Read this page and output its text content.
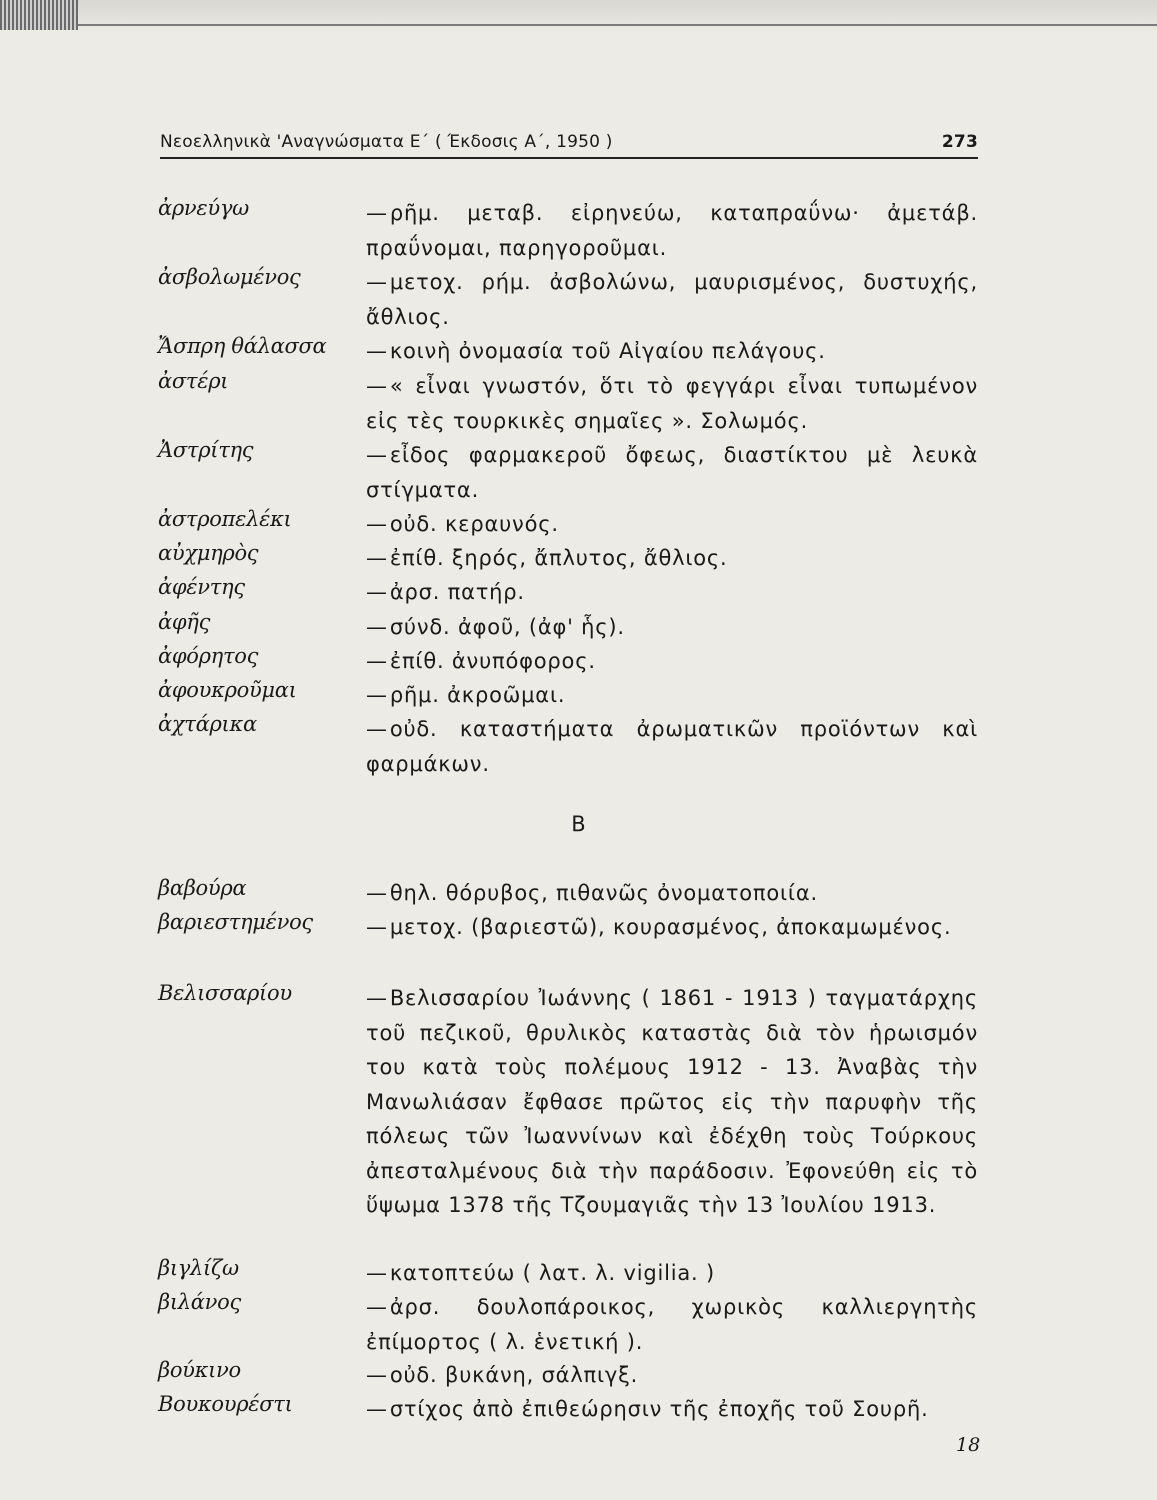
Νεοελληνικὰ 'Αναγνώσματα Ε΄ ( Έκδοσις Α΄, 1950 )	273
ἀρνεύγω	—ρῆμ. μεταβ. εἰρηνεύω, καταπραΰνω· ἀμετάβ. πραΰνομαι, παρηγοροῦμαι.
ἀσβολωμένος	—μετοχ. ρήμ. ἀσβολώνω, μαυρισμένος, δυστυχής, ἄθλιος.
Ἄσπρη θάλασσα	—κοινὴ ὀνομασία τοῦ Αἰγαίου πελάγους.
ἀστέρι	—« εἶναι γνωστόν, ὅτι τὸ φεγγάρι εἶναι τυπωμένον εἰς τὲς τουρκικὲς σημαῖες ». Σολωμός.
Ἀστρίτης	—εἶδος φαρμακεροῦ ὄφεως, διαστίκτου μὲ λευκὰ στίγματα.
ἀστροπελέκι	—οὐδ. κεραυνός.
αὐχμηρὸς	—ἐπίθ. ξηρός, ἄπλυτος, ἄθλιος.
ἀφέντης	—ἀρσ. πατήρ.
ἀφῆς	—σύνδ. ἀφοῦ, (ἀφ' ἧς).
ἀφόρητος	—ἐπίθ. ἀνυπόφορος.
ἀφουκροῦμαι	—ρῆμ. ἀκροῶμαι.
ἀχτάρικα	—οὐδ. καταστήματα ἀρωματικῶν προϊόντων καὶ φαρμάκων.
Β
βαβούρα	—θηλ. θόρυβος, πιθανῶς ὀνοματοποιία.
βαριεστημένος	—μετοχ. (βαριεστῶ), κουρασμένος, ἀποκαμωμένος.
Βελισσαρίου	—Βελισσαρίου Ἰωάννης ( 1861 - 1913 ) ταγματάρχης τοῦ πεζικοῦ, θρυλικὸς καταστὰς διὰ τὸν ἡρωισμόν του κατὰ τοὺς πολέμους 1912 - 13. Ἀναβὰς τὴν Μανωλιάσαν ἔφθασε πρῶτος εἰς τὴν παρυφὴν τῆς πόλεως τῶν Ἰωαννίνων καὶ ἐδέχθη τοὺς Τούρκους ἀπεσταλμένους διὰ τὴν παράδοσιν. Ἐφονεύθη εἰς τὸ ὕψωμα 1378 τῆς Τζουμαγιᾶς τὴν 13 Ἰουλίου 1913.
βιγλίζω	—κατοπτεύω ( λατ. λ. vigilia. )
βιλάνος	—ἀρσ. δουλοπάροικος, χωρικὸς καλλιεργητὴς ἐπίμορτος ( λ. ἑνετική ).
βούκινο	—οὐδ. βυκάνη, σάλπιγξ.
Βουκουρέστι	—στίχος ἀπὸ ἐπιθεώρησιν τῆς ἐποχῆς τοῦ Σουρῆ.
18
